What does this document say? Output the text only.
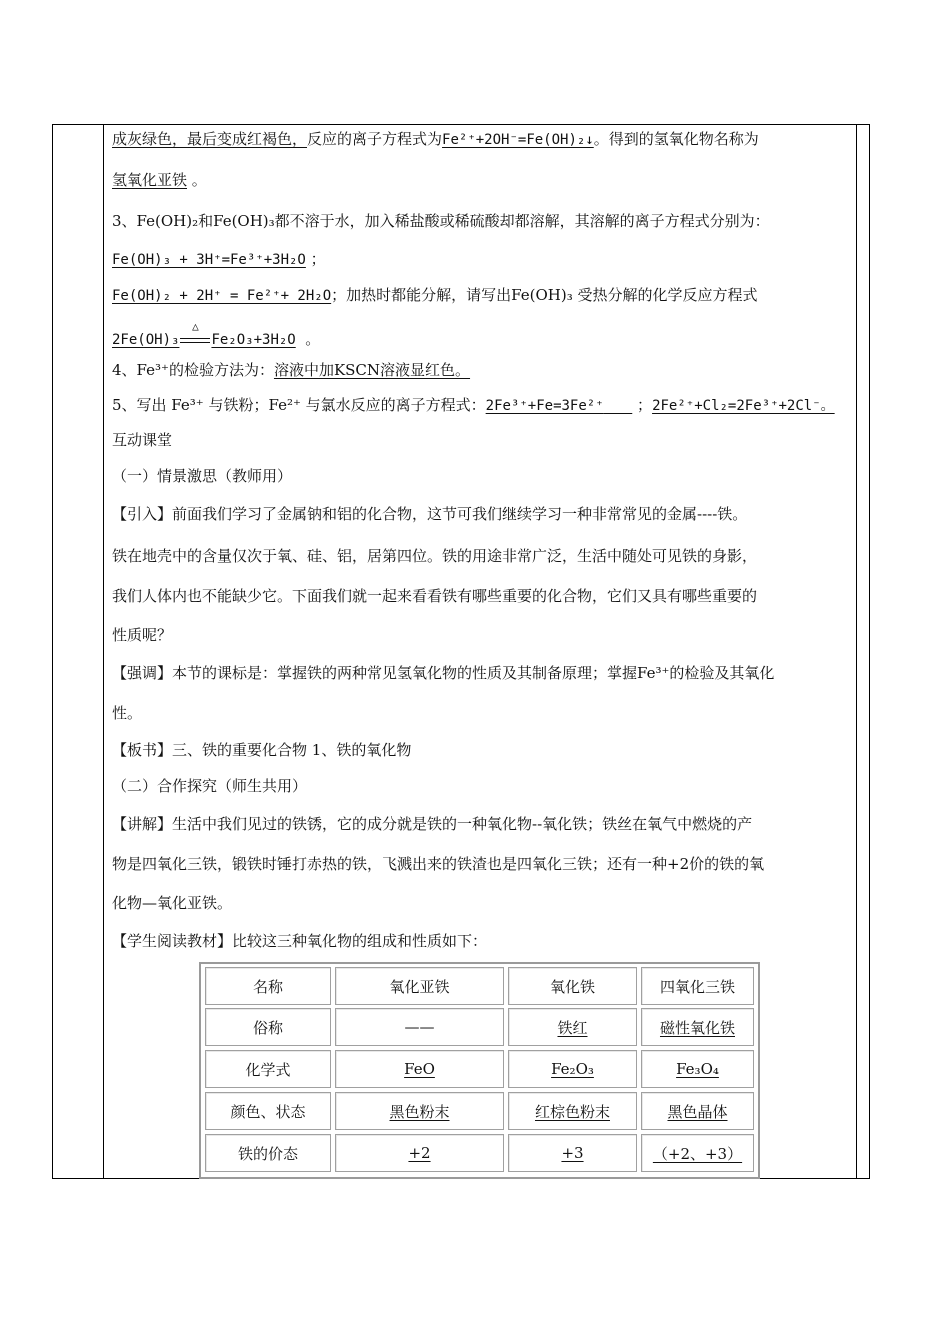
成灰绿色，最后变成红褐色，反应的离子方程式为Fe²⁺+2OH⁻=Fe(OH)₂↓。得到的氢氧化物名称为
氢氧化亚铁 。
3、Fe(OH)₂和Fe(OH)₃都不溶于水，加入稀盐酸或稀硫酸却都溶解，其溶解的离子方程式分别为：
Fe(OH)₃ + 3H⁺=Fe³⁺+3H₂O ；
Fe(OH)₂ + 2H⁺ = Fe²⁺+ 2H₂O；加热时都能分解，请写出Fe(OH)₃ 受热分解的化学反应方程式
2Fe(OH)₃
△
Fe₂O₃+3H₂O 。
4、Fe³⁺的检验方法为：溶液中加KSCN溶液显红色。
5、写出 Fe³⁺ 与铁粉；Fe²⁺ 与氯水反应的离子方程式：2Fe³⁺+Fe=3Fe²⁺ ；2Fe²⁺+Cl₂=2Fe³⁺+2Cl⁻。
互动课堂
（一）情景激思（教师用）
【引入】前面我们学习了金属钠和铝的化合物，这节可我们继续学习一种非常常见的金属----铁。
铁在地壳中的含量仅次于氧、硅、铝，居第四位。铁的用途非常广泛，生活中随处可见铁的身影，
我们人体内也不能缺少它。下面我们就一起来看看铁有哪些重要的化合物，它们又具有哪些重要的
性质呢？
【强调】本节的课标是：掌握铁的两种常见氢氧化物的性质及其制备原理；掌握Fe³⁺的检验及其氧化
性。
【板书】三、铁的重要化合物 1、铁的氧化物
（二）合作探究（师生共用）
【讲解】生活中我们见过的铁锈，它的成分就是铁的一种氧化物--氧化铁；铁丝在氧气中燃烧的产
物是四氧化三铁，锻铁时锤打赤热的铁，飞溅出来的铁渣也是四氧化三铁；还有一种+2价的铁的氧
化物—氧化亚铁。
【学生阅读教材】比较这三种氧化物的组成和性质如下：
名称	氧化亚铁	氧化铁	四氧化三铁
俗称	——	铁红	磁性氧化铁
化学式	FeO	Fe₂O₃	Fe₃O₄
颜色、状态	黑色粉末	红棕色粉末	黑色晶体
铁的价态	+2	+3	（+2、+3）
